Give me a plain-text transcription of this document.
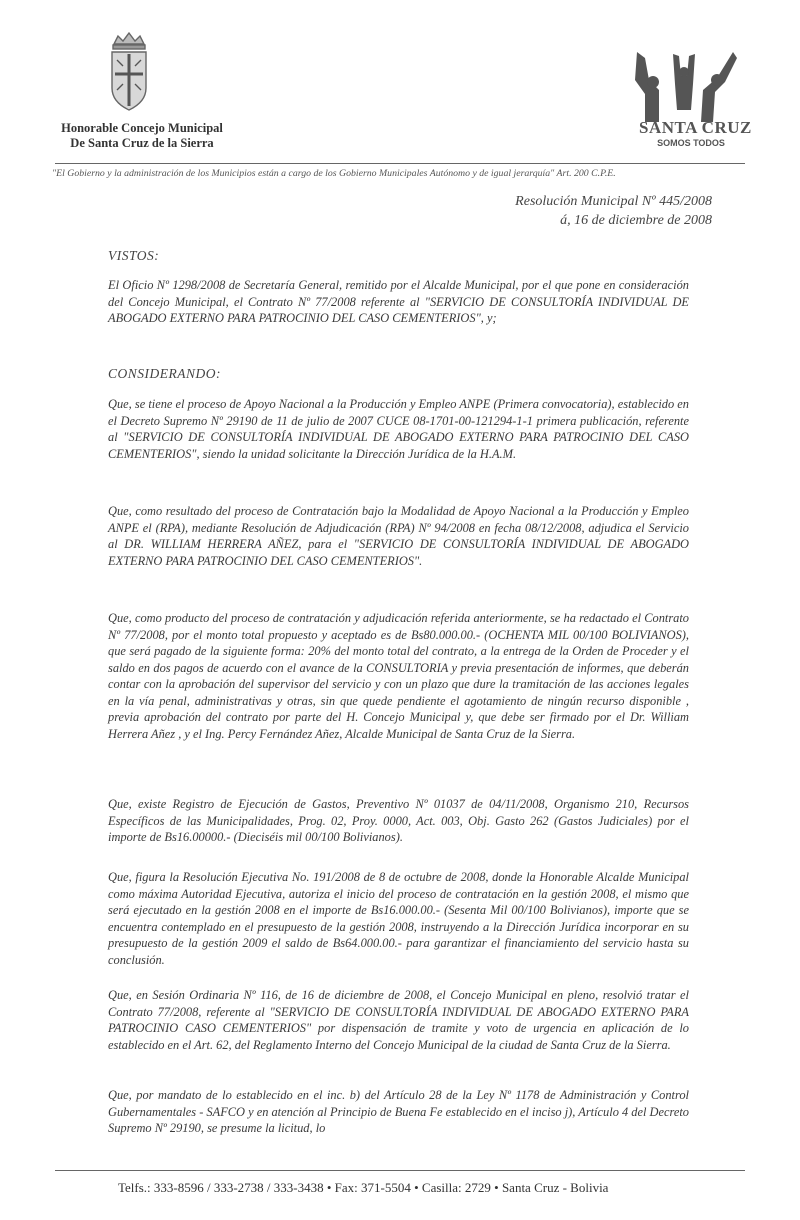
Honorable Concejo Municipal
De Santa Cruz de la Sierra
SANTA CRUZ
SOMOS TODOS
"El Gobierno y la administración de los Municipios están a cargo de los Gobierno Municipales Autónomo y de igual jerarquía" Art. 200 C.P.E.
Resolución Municipal Nº 445/2008
á, 16 de diciembre de 2008
VISTOS:
El Oficio Nº 1298/2008 de Secretaría General, remitido por el Alcalde Municipal, por el que pone en consideración del Concejo Municipal, el Contrato Nº 77/2008 referente al "SERVICIO DE CONSULTORÍA INDIVIDUAL DE ABOGADO EXTERNO PARA PATROCINIO DEL CASO CEMENTERIOS", y;
CONSIDERANDO:
Que, se tiene el proceso de Apoyo Nacional a la Producción y Empleo ANPE (Primera convocatoria), establecido en el Decreto Supremo Nº 29190 de 11 de julio de 2007 CUCE 08-1701-00-121294-1-1 primera publicación, referente al "SERVICIO DE CONSULTORÍA INDIVIDUAL DE ABOGADO EXTERNO PARA PATROCINIO DEL CASO CEMENTERIOS", siendo la unidad solicitante la Dirección Jurídica de la H.A.M.
Que, como resultado del proceso de Contratación bajo la Modalidad de Apoyo Nacional a la Producción y Empleo ANPE el (RPA), mediante Resolución de Adjudicación (RPA) Nº 94/2008 en fecha 08/12/2008, adjudica el Servicio al DR. WILLIAM HERRERA AÑEZ, para el "SERVICIO DE CONSULTORÍA INDIVIDUAL DE ABOGADO EXTERNO PARA PATROCINIO DEL CASO CEMENTERIOS".
Que, como producto del proceso de contratación y adjudicación referida anteriormente, se ha redactado el Contrato Nº 77/2008, por el monto total propuesto y aceptado es de Bs80.000.00.- (OCHENTA MIL 00/100 BOLIVIANOS), que será pagado de la siguiente forma: 20% del monto total del contrato, a la entrega de la Orden de Proceder y el saldo en dos pagos de acuerdo con el avance de la CONSULTORIA y previa presentación de informes, que deberán contar con la aprobación del supervisor del servicio y con un plazo que dure la tramitación de las acciones legales en la vía penal, administrativas y otras, sin que quede pendiente el agotamiento de ningún recurso disponible , previa aprobación del contrato por parte del H. Concejo Municipal y, que debe ser firmado por el Dr. William Herrera Añez , y el Ing. Percy Fernández Añez, Alcalde Municipal de Santa Cruz de la Sierra.
Que, existe Registro de Ejecución de Gastos, Preventivo Nº 01037 de 04/11/2008, Organismo 210, Recursos Específicos de las Municipalidades, Prog. 02, Proy. 0000, Act. 003, Obj. Gasto 262 (Gastos Judiciales) por el importe de Bs16.00000.- (Dieciséis mil 00/100 Bolivianos).
Que, figura la Resolución Ejecutiva No. 191/2008 de 8 de octubre de 2008, donde la Honorable Alcalde Municipal como máxima Autoridad Ejecutiva, autoriza el inicio del proceso de contratación en la gestión 2008, el mismo que será ejecutado en la gestión 2008 en el importe de Bs16.000.00.- (Sesenta Mil 00/100 Bolivianos), importe que se encuentra contemplado en el presupuesto de la gestión 2008, instruyendo a la Dirección Jurídica incorporar en su presupuesto de la gestión 2009 el saldo de Bs64.000.00.- para garantizar el financiamiento del servicio hasta su conclusión.
Que, en Sesión Ordinaria Nº 116, de 16 de diciembre de 2008, el Concejo Municipal en pleno, resolvió tratar el Contrato 77/2008, referente al "SERVICIO DE CONSULTORÍA INDIVIDUAL DE ABOGADO EXTERNO PARA PATROCINIO CASO CEMENTERIOS" por dispensación de tramite y voto de urgencia en aplicación de lo establecido en el Art. 62, del Reglamento Interno del Concejo Municipal de la ciudad de Santa Cruz de la Sierra.
Que, por mandato de lo establecido en el inc. b) del Artículo 28 de la Ley Nº 1178 de Administración y Control Gubernamentales - SAFCO y en atención al Principio de Buena Fe establecido en el inciso j), Artículo 4 del Decreto Supremo Nº 29190, se presume la licitud, lo
Telfs.: 333-8596 / 333-2738 / 333-3438 • Fax: 371-5504 • Casilla: 2729 • Santa Cruz - Bolivia
